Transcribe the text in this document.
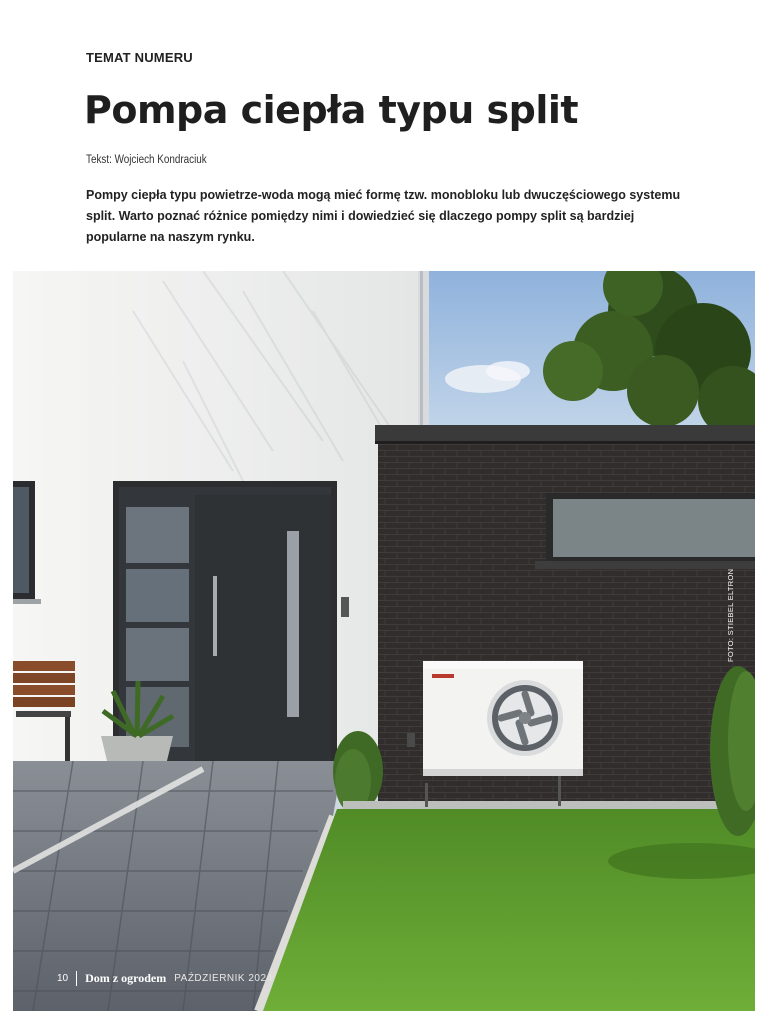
TEMAT NUMERU
Pompa ciepła typu split
Tekst: Wojciech Kondraciuk

Pompy ciepła typu powietrze-woda mogą mieć formę tzw. monobloku lub dwuczęściowego systemu split. Warto poznać różnice pomiędzy nimi i dowiedzieć się dlaczego pompy split są bardziej popularne na naszym rynku.

FOTO: STIEBEL ELTRON
10 Dom z ogrodem PAŹDZIERNIK 2024
